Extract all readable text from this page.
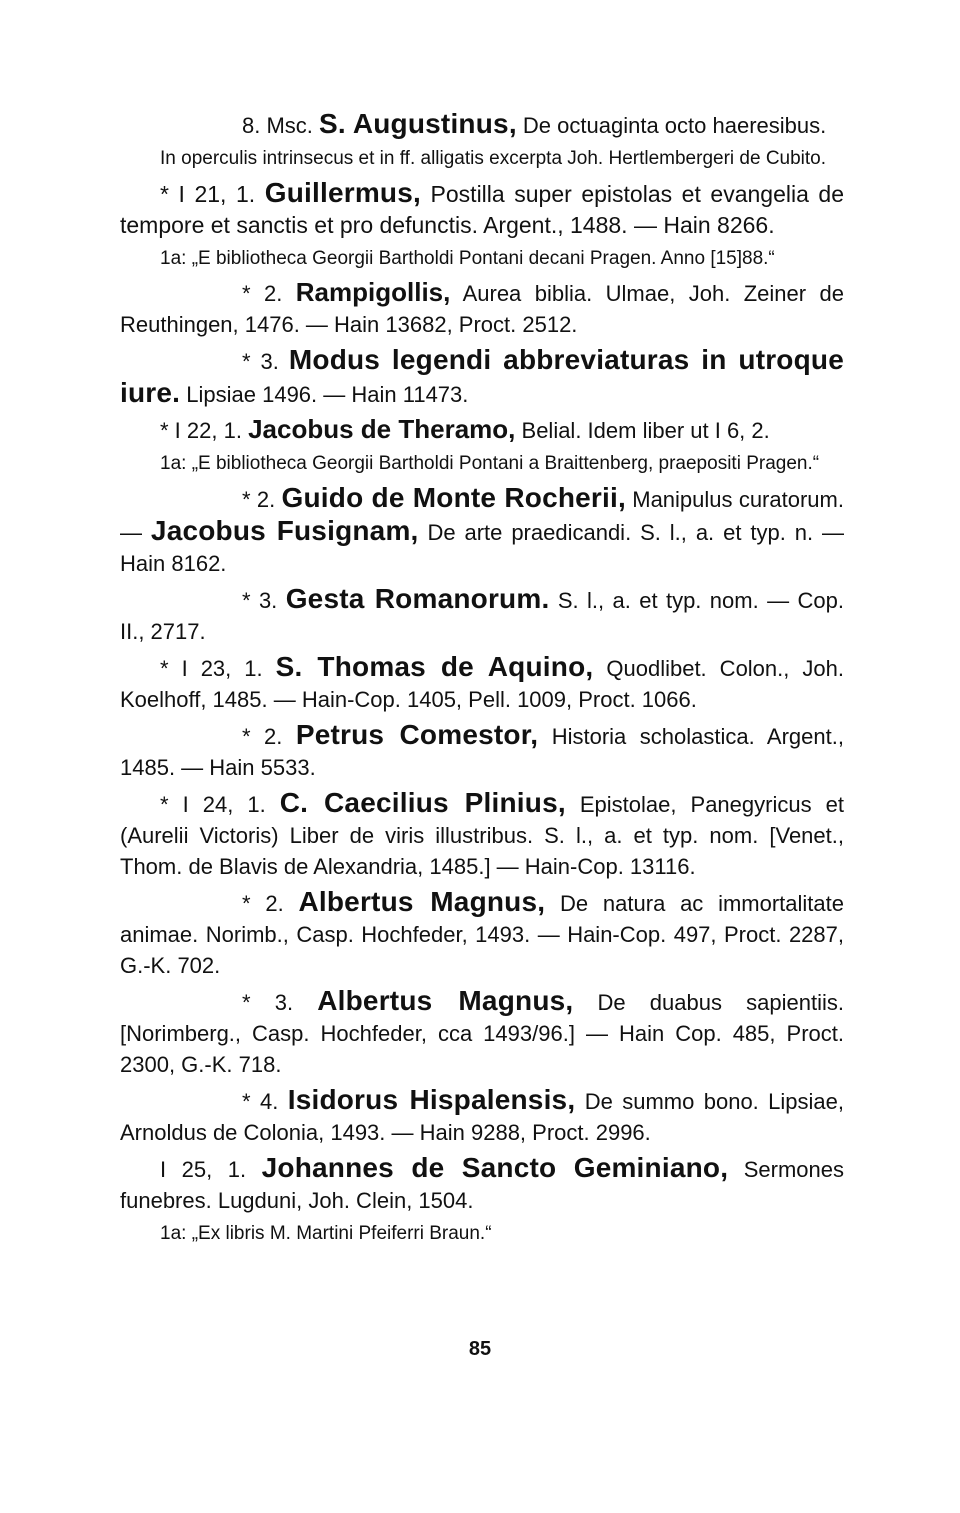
8. Msc. S. Augustinus, De octuaginta octo haeresibus.

In operculis intrinsecus et in ff. alligatis excerpta Joh. Hertlembergeri de Cubito.

* I 21, 1. Guillermus, Postilla super epistolas et evangelia de tempore et sanctis et pro defunctis. Argent., 1488. — Hain 8266.

1a: „E bibliotheca Georgii Bartholdi Pontani decani Pragen. Anno [15]88.“

* 2. Rampigollis, Aurea biblia. Ulmae, Joh. Zeiner de Reuthingen, 1476. — Hain 13682, Proct. 2512.

* 3. Modus legendi abbreviaturas in utroque iure. Lipsiae 1496. — Hain 11473.

* I 22, 1. Jacobus de Theramo, Belial. Idem liber ut I 6, 2.

1a: „E bibliotheca Georgii Bartholdi Pontani a Braittenberg, praepositi Pragen.“

* 2. Guido de Monte Rocherii, Manipulus curatorum. — Jacobus Fusignam, De arte praedicandi. S. l., a. et typ. n. — Hain 8162.

* 3. Gesta Romanorum. S. l., a. et typ. nom. — Cop. II., 2717.

* I 23, 1. S. Thomas de Aquino, Quodlibet. Colon., Joh. Koelhoff, 1485. — Hain-Cop. 1405, Pell. 1009, Proct. 1066.

* 2. Petrus Comestor, Historia scholastica. Argent., 1485. — Hain 5533.

* I 24, 1. C. Caecilius Plinius, Epistolae, Panegyricus et (Aurelii Victoris) Liber de viris illustribus. S. l., a. et typ. nom. [Venet., Thom. de Blavis de Alexandria, 1485.] — Hain-Cop. 13116.

* 2. Albertus Magnus, De natura ac immortalitate animae. Norimb., Casp. Hochfeder, 1493. — Hain-Cop. 497, Proct. 2287, G.-K. 702.

* 3. Albertus Magnus, De duabus sapientiis. [Norimberg., Casp. Hochfeder, cca 1493/96.] — Hain Cop. 485, Proct. 2300, G.-K. 718.

* 4. Isidorus Hispalensis, De summo bono. Lipsiae, Arnoldus de Colonia, 1493. — Hain 9288, Proct. 2996.

I 25, 1. Johannes de Sancto Geminiano, Sermones funebres. Lugduni, Joh. Clein, 1504.

1a: „Ex libris M. Martini Pfeiferri Braun.“

85
